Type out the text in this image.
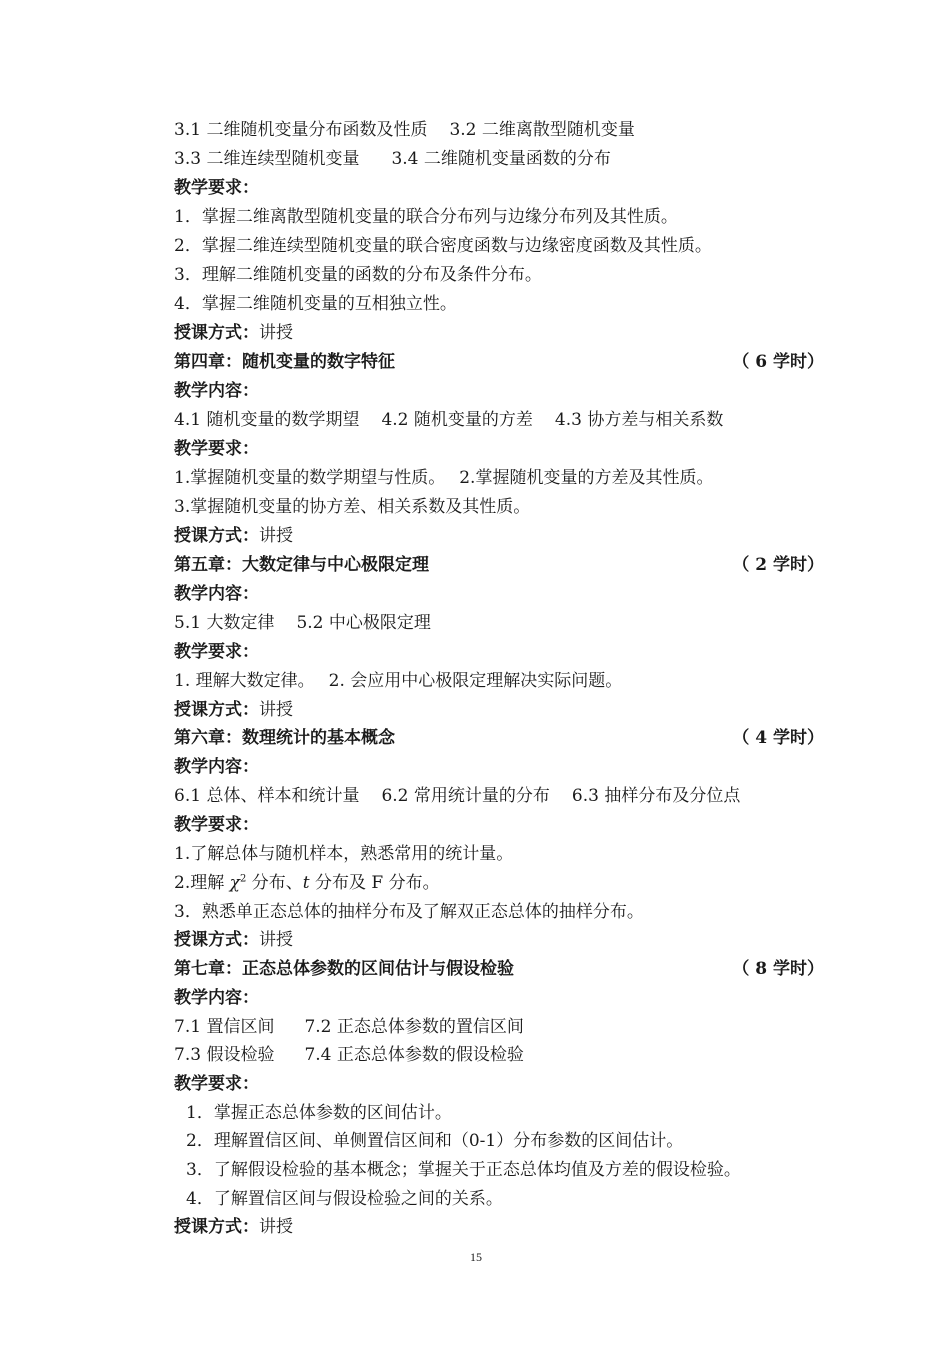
3.1 二维随机变量分布函数及性质 3.2 二维离散型随机变量
3.3 二维连续型随机变量 3.4 二维随机变量函数的分布
教学要求：
1．掌握二维离散型随机变量的联合分布列与边缘分布列及其性质。
2．掌握二维连续型随机变量的联合密度函数与边缘密度函数及其性质。
3．理解二维随机变量的函数的分布及条件分布。
4．掌握二维随机变量的互相独立性。
授课方式：讲授
第四章：随机变量的数字特征	（ 6 学时）
教学内容：
4.1 随机变量的数学期望 4.2 随机变量的方差 4.3 协方差与相关系数
教学要求：
1.掌握随机变量的数学期望与性质。 2.掌握随机变量的方差及其性质。
3.掌握随机变量的协方差、相关系数及其性质。
授课方式：讲授
第五章：大数定律与中心极限定理	（ 2 学时）
教学内容：
5.1 大数定律 5.2 中心极限定理
教学要求：
1. 理解大数定律。 2. 会应用中心极限定理解决实际问题。
授课方式：讲授
第六章：数理统计的基本概念	（ 4 学时）
教学内容：
6.1 总体、样本和统计量 6.2 常用统计量的分布 6.3 抽样分布及分位点
教学要求：
1.了解总体与随机样本，熟悉常用的统计量。
2.理解 $\chi^2$ 分布、t 分布及 F 分布。
3．熟悉单正态总体的抽样分布及了解双正态总体的抽样分布。
授课方式：讲授
第七章：正态总体参数的区间估计与假设检验	（ 8 学时）
教学内容：
7.1 置信区间 7.2 正态总体参数的置信区间
7.3 假设检验 7.4 正态总体参数的假设检验
教学要求：
1．掌握正态总体参数的区间估计。
2．理解置信区间、单侧置信区间和（0-1）分布参数的区间估计。
3．了解假设检验的基本概念；掌握关于正态总体均值及方差的假设检验。
4．了解置信区间与假设检验之间的关系。
授课方式：讲授
15
